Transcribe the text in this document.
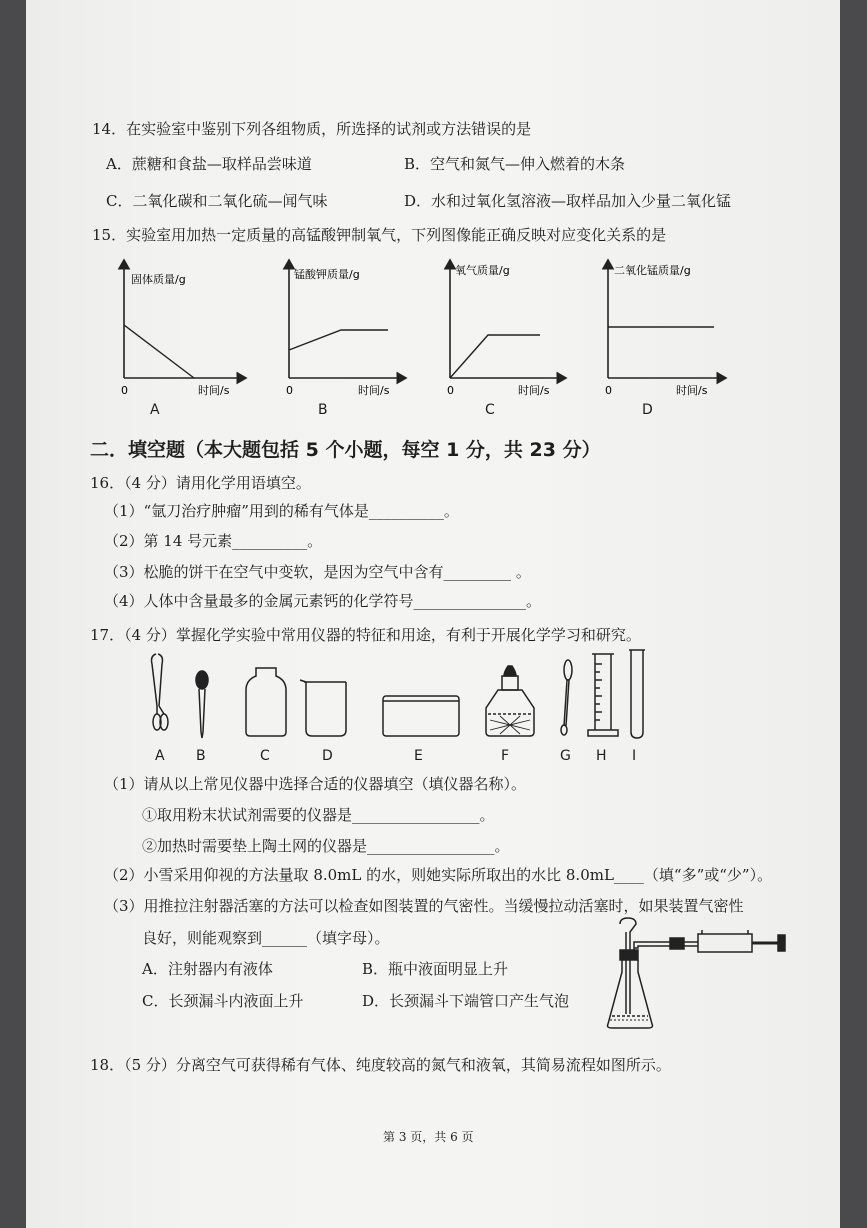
14．在实验室中鉴别下列各组物质，所选择的试剂或方法错误的是
A．蔗糖和食盐—取样品尝味道	B．空气和氮气—伸入燃着的木条
C．二氧化碳和二氧化硫—闻气味	D．水和过氧化氢溶液—取样品加入少量二氧化锰
15．实验室用加热一定质量的高锰酸钾制氧气，下列图像能正确反映对应变化关系的是
固体质量/g
时间/s
0
锰酸钾质量/g
时间/s
0
氧气质量/g
时间/s
0
二氧化锰质量/g
时间/s
0
A	B	C	D
二．填空题（本大题包括 5 个小题，每空 1 分，共 23 分）
16．（4 分）请用化学用语填空。
（1）“氩刀治疗肿瘤”用到的稀有气体是__________。
（2）第 14 号元素__________。
（3）松脆的饼干在空气中变软，是因为空气中含有_________ 。
（4）人体中含量最多的金属元素钙的化学符号_______________。
17．（4 分）掌握化学实验中常用仪器的特征和用途，有利于开展化学学习和研究。
A B	C	D	E	F	G H I
（1）请从以上常见仪器中选择合适的仪器填空（填仪器名称）。
①取用粉末状试剂需要的仪器是_________________。
②加热时需要垫上陶土网的仪器是_________________。
（2）小雪采用仰视的方法量取 8.0mL 的水，则她实际所取出的水比 8.0mL____（填“多”或“少”）。
（3）用推拉注射器活塞的方法可以检查如图装置的气密性。当缓慢拉动活塞时，如果装置气密性
良好，则能观察到______（填字母）。
A．注射器内有液体	B．瓶中液面明显上升
C．长颈漏斗内液面上升	D．长颈漏斗下端管口产生气泡
18．（5 分）分离空气可获得稀有气体、纯度较高的氮气和液氧，其简易流程如图所示。
第 3 页，共 6 页
